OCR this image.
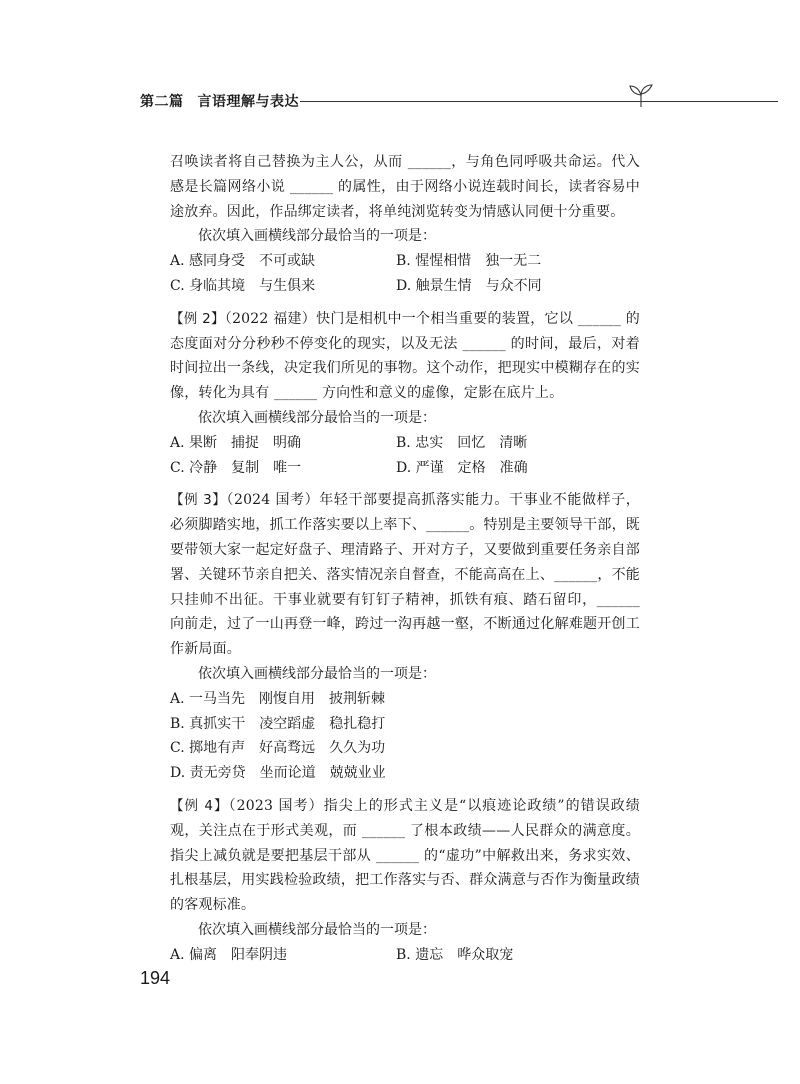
第二篇 言语理解与表达

召唤读者将自己替换为主人公，从而 ______，与角色同呼吸共命运。代入感是长篇网络小说 ______ 的属性，由于网络小说连载时间长，读者容易中途放弃。因此，作品绑定读者，将单纯浏览转变为情感认同便十分重要。

依次填入画横线部分最恰当的一项是：

A. 感同身受　不可或缺	B. 惺惺相惜　独一无二
C. 身临其境　与生俱来	D. 触景生情　与众不同

【例 2】（2022 福建）快门是相机中一个相当重要的装置，它以 ______ 的态度面对分分秒秒不停变化的现实，以及无法 ______ 的时间，最后，对着时间拉出一条线，决定我们所见的事物。这个动作，把现实中模糊存在的实像，转化为具有 ______ 方向性和意义的虚像，定影在底片上。

依次填入画横线部分最恰当的一项是：

A. 果断　捕捉　明确	B. 忠实　回忆　清晰
C. 冷静　复制　唯一	D. 严谨　定格　准确

【例 3】（2024 国考）年轻干部要提高抓落实能力。干事业不能做样子，必须脚踏实地，抓工作落实要以上率下、______。特别是主要领导干部，既要带领大家一起定好盘子、理清路子、开对方子，又要做到重要任务亲自部署、关键环节亲自把关、落实情况亲自督查，不能高高在上、______，不能只挂帅不出征。干事业就要有钉钉子精神，抓铁有痕、踏石留印，______ 向前走，过了一山再登一峰，跨过一沟再越一壑，不断通过化解难题开创工作新局面。

依次填入画横线部分最恰当的一项是：

A. 一马当先　刚愎自用　披荆斩棘
B. 真抓实干　凌空蹈虚　稳扎稳打
C. 掷地有声　好高骛远　久久为功
D. 责无旁贷　坐而论道　兢兢业业

【例 4】（2023 国考）指尖上的形式主义是“以痕迹论政绩”的错误政绩观，关注点在于形式美观，而 ______ 了根本政绩——人民群众的满意度。指尖上减负就是要把基层干部从 ______ 的“虚功”中解救出来，务求实效、扎根基层，用实践检验政绩，把工作落实与否、群众满意与否作为衡量政绩的客观标准。

依次填入画横线部分最恰当的一项是：

A. 偏离　阳奉阴违	B. 遗忘　哗众取宠
194
